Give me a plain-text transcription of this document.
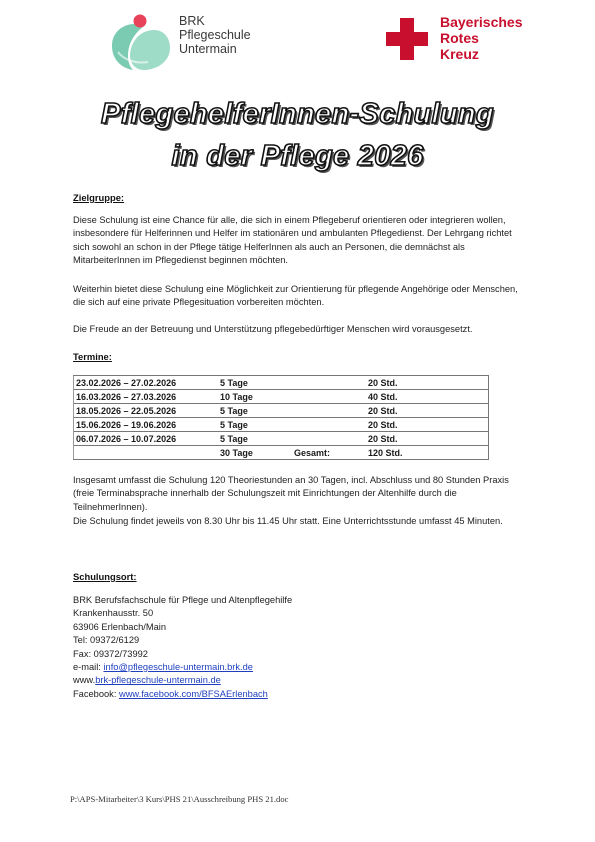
BRK
Pflegeschule
Untermain
Bayerisches
Rotes
Kreuz
PflegehelferInnen-Schulung
in der Pflege 2026
Zielgruppe:
Diese Schulung ist eine Chance für alle, die sich in einem Pflegeberuf orientieren oder integrieren wollen, insbesondere für Helferinnen und Helfer im stationären und ambulanten Pflegedienst. Der Lehrgang richtet sich sowohl an schon in der Pflege tätige HelferInnen als auch an Personen, die demnächst als MitarbeiterInnen im Pflegedienst beginnen möchten.
Weiterhin bietet diese Schulung eine Möglichkeit zur Orientierung für pflegende Angehörige oder Menschen, die sich auf eine private Pflegesituation vorbereiten möchten.
Die Freude an der Betreuung und Unterstützung pflegebedürftiger Menschen wird vorausgesetzt.
Termine:
23.02.2026 – 27.02.2026	5 Tage		20 Std.	
16.03.2026 – 27.03.2026	10 Tage		40 Std.	
18.05.2026 – 22.05.2026	5 Tage		20 Std.	
15.06.2026 – 19.06.2026	5 Tage		20 Std.	
06.07.2026 – 10.07.2026	5 Tage		20 Std.	
	30 Tage	Gesamt:	120 Std.	
Insgesamt umfasst die Schulung 120 Theoriestunden an 30 Tagen, incl. Abschluss und 80 Stunden Praxis (freie Terminabsprache innerhalb der Schulungszeit mit Einrichtungen der Altenhilfe durch die TeilnehmerInnen).
Die Schulung findet jeweils von 8.30 Uhr bis 11.45 Uhr statt. Eine Unterrichtsstunde umfasst 45 Minuten.
Schulungsort:
BRK Berufsfachschule für Pflege und Altenpflegehilfe
Krankenhausstr. 50
63906 Erlenbach/Main
Tel: 09372/6129
Fax: 09372/73992
e-mail: info@pflegeschule-untermain.brk.de
www.brk-pflegeschule-untermain.de
Facebook: www.facebook.com/BFSAErlenbach
P:\APS-Mitarbeiter\3 Kurs\PHS 21\Ausschreibung PHS 21.doc
